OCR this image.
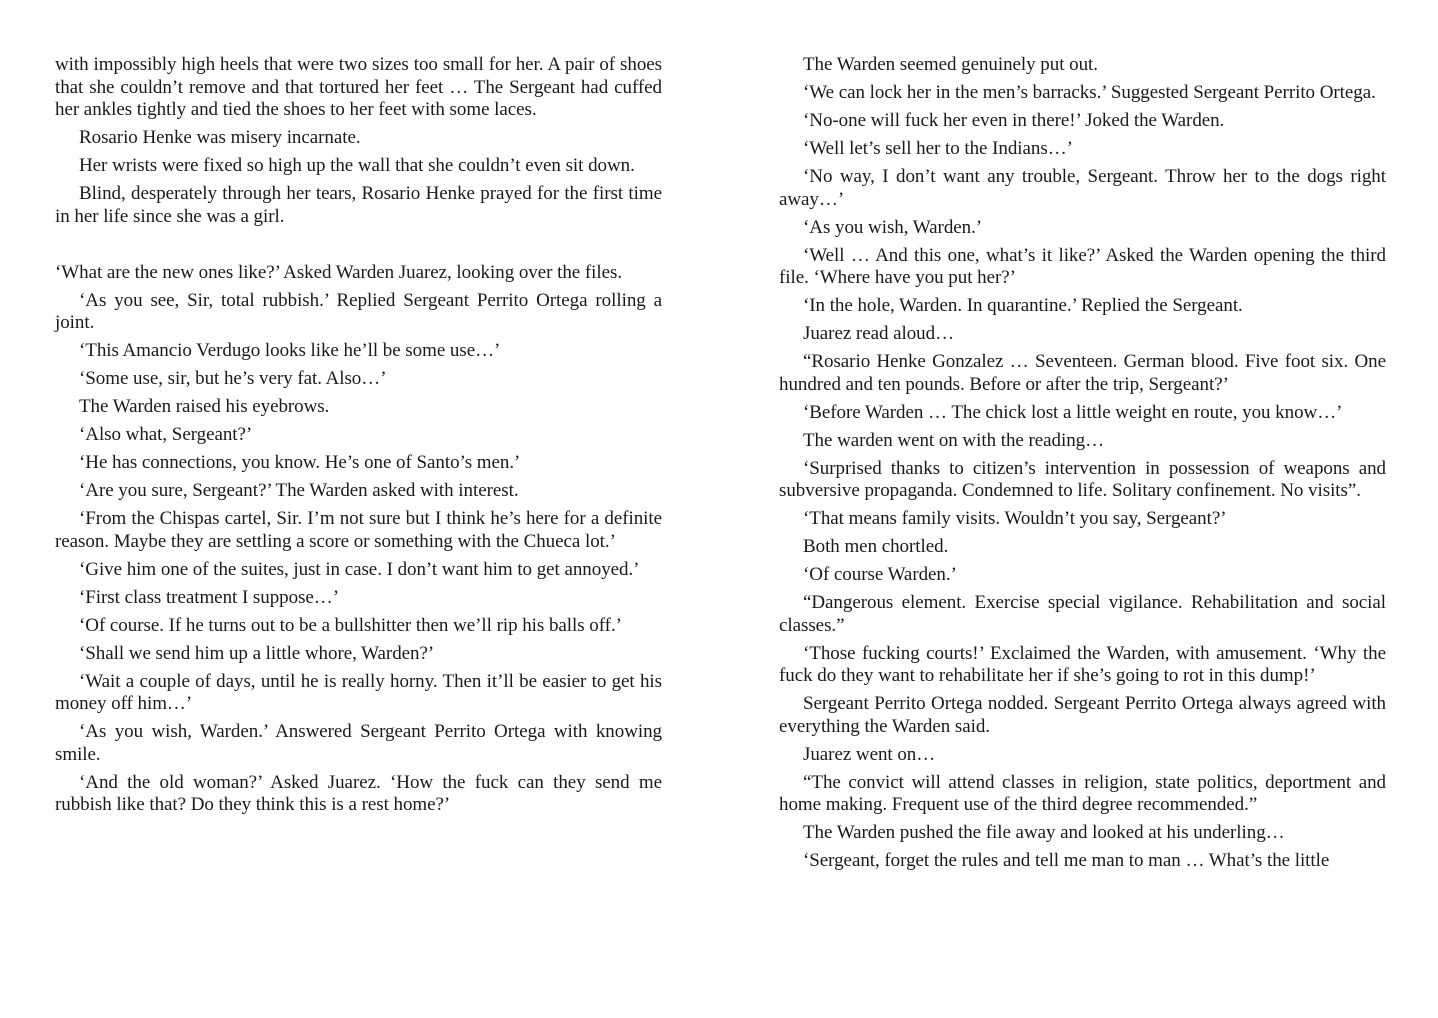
with impossibly high heels that were two sizes too small for her. A pair of shoes that she couldn’t remove and that tortured her feet … The Sergeant had cuffed her ankles tightly and tied the shoes to her feet with some laces.

Rosario Henke was misery incarnate.

Her wrists were fixed so high up the wall that she couldn’t even sit down.

Blind, desperately through her tears, Rosario Henke prayed for the first time in her life since she was a girl.

‘What are the new ones like?’ Asked Warden Juarez, looking over the files.

‘As you see, Sir, total rubbish.’ Replied Sergeant Perrito Ortega rolling a joint.

‘This Amancio Verdugo looks like he’ll be some use…’

‘Some use, sir, but he’s very fat. Also…’

The Warden raised his eyebrows.

‘Also what, Sergeant?’

‘He has connections, you know. He’s one of Santo’s men.’

‘Are you sure, Sergeant?’ The Warden asked with interest.

‘From the Chispas cartel, Sir. I’m not sure but I think he’s here for a definite reason. Maybe they are settling a score or something with the Chueca lot.’

‘Give him one of the suites, just in case. I don’t want him to get annoyed.’

‘First class treatment I suppose…’

‘Of course. If he turns out to be a bullshitter then we’ll rip his balls off.’

‘Shall we send him up a little whore, Warden?’

‘Wait a couple of days, until he is really horny. Then it’ll be easier to get his money off him…’

‘As you wish, Warden.’ Answered Sergeant Perrito Ortega with knowing smile.

‘And the old woman?’ Asked Juarez. ‘How the fuck can they send me rubbish like that? Do they think this is a rest home?’

The Warden seemed genuinely put out.

‘We can lock her in the men’s barracks.’ Suggested Sergeant Perrito Ortega.

‘No-one will fuck her even in there!’ Joked the Warden.

‘Well let’s sell her to the Indians…’

‘No way, I don’t want any trouble, Sergeant. Throw her to the dogs right away…’

‘As you wish, Warden.’

‘Well … And this one, what’s it like?’ Asked the Warden opening the third file. ‘Where have you put her?’

‘In the hole, Warden. In quarantine.’ Replied the Sergeant.

Juarez read aloud…

“Rosario Henke Gonzalez … Seventeen. German blood. Five foot six. One hundred and ten pounds. Before or after the trip, Sergeant?’

‘Before Warden … The chick lost a little weight en route, you know…’

The warden went on with the reading…

‘Surprised thanks to citizen’s intervention in possession of weapons and subversive propaganda. Condemned to life. Solitary confinement. No visits”.

‘That means family visits. Wouldn’t you say, Sergeant?’

Both men chortled.

‘Of course Warden.’

“Dangerous element. Exercise special vigilance. Rehabilitation and social classes.”

‘Those fucking courts!’ Exclaimed the Warden, with amusement. ‘Why the fuck do they want to rehabilitate her if she’s going to rot in this dump!’

Sergeant Perrito Ortega nodded. Sergeant Perrito Ortega always agreed with everything the Warden said.

Juarez went on…

“The convict will attend classes in religion, state politics, deportment and home making. Frequent use of the third degree recommended.”

The Warden pushed the file away and looked at his underling…

‘Sergeant, forget the rules and tell me man to man … What’s the little
